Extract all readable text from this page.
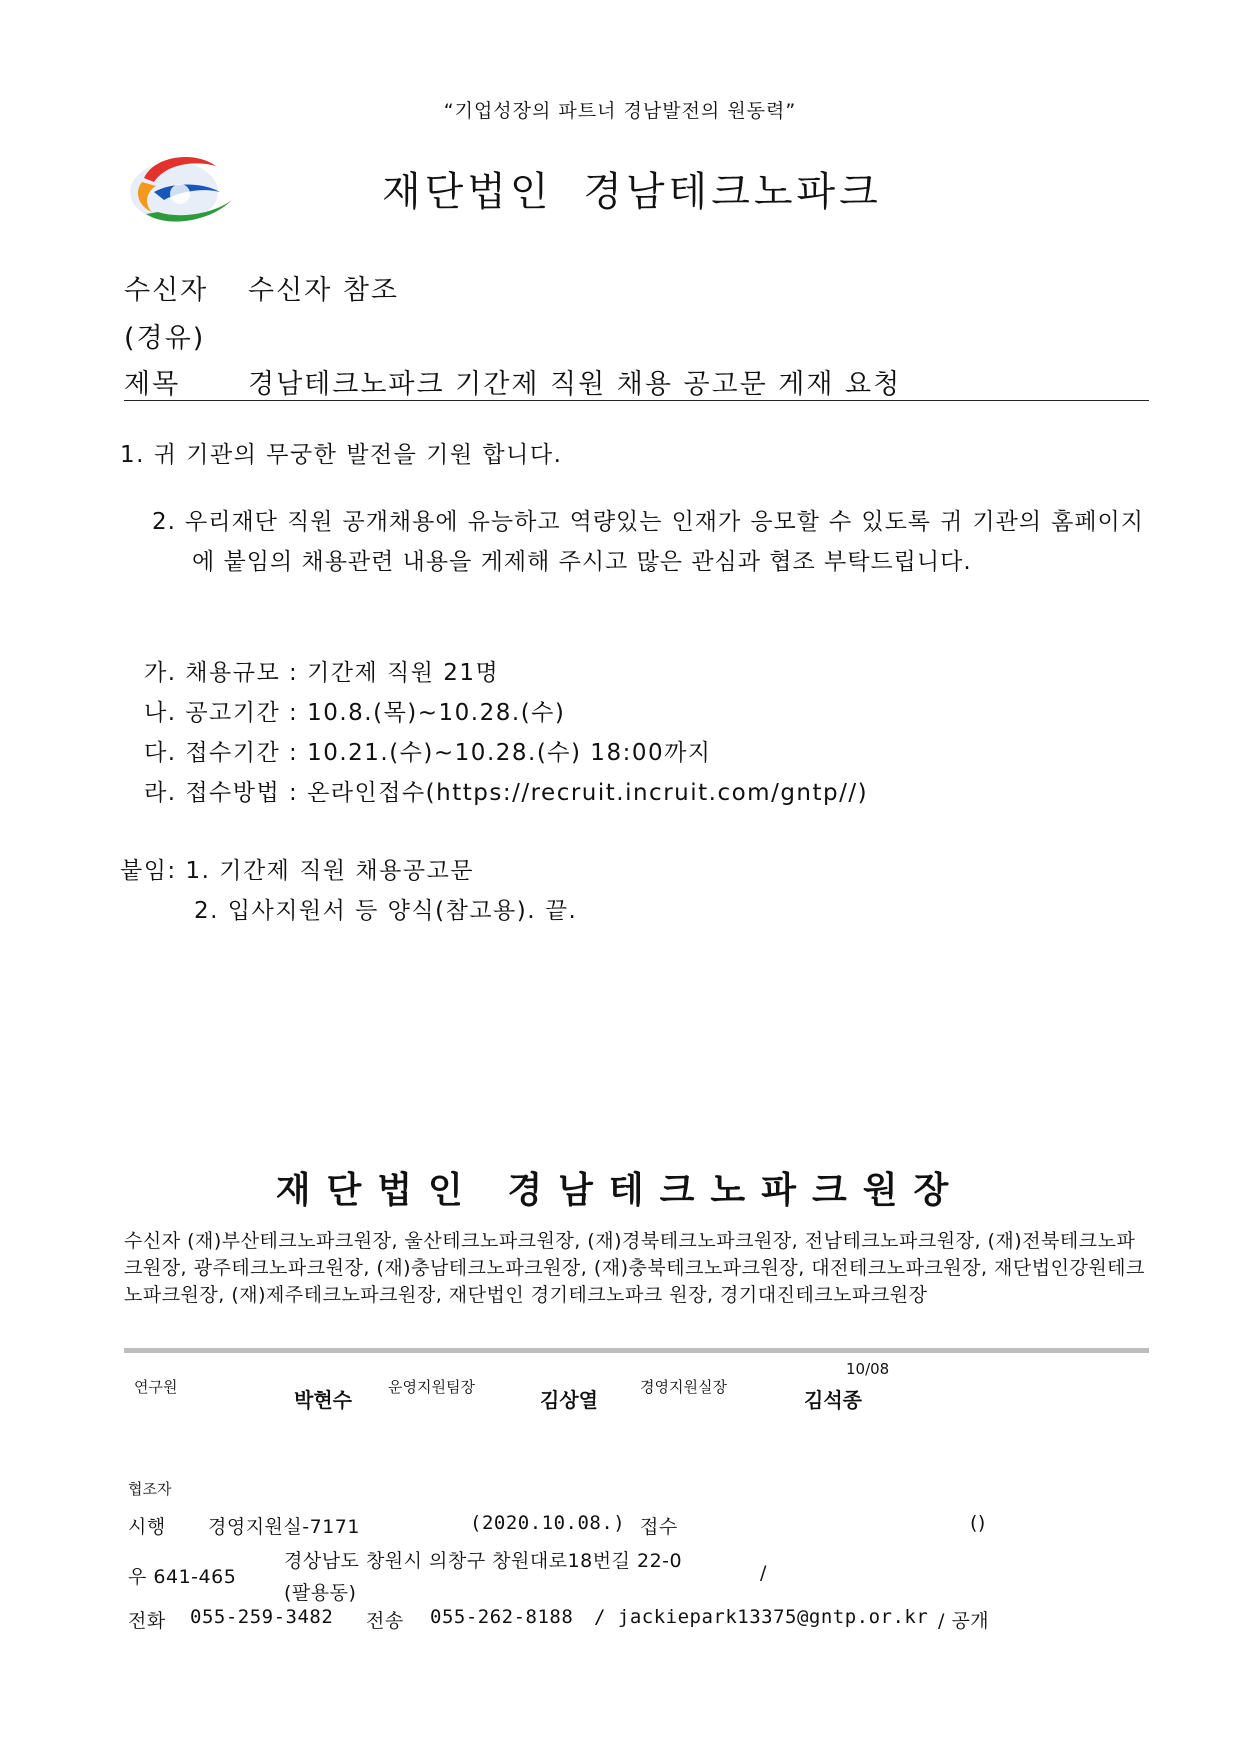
“기업성장의 파트너 경남발전의 원동력”
재단법인 경남테크노파크
수신자 수신자 참조
(경유)
제목	경남테크노파크 기간제 직원 채용 공고문 게재 요청
1. 귀 기관의 무궁한 발전을 기원 합니다.
2. 우리재단 직원 공개채용에 유능하고 역량있는 인재가 응모할 수 있도록 귀 기관의 홈페이지에 붙임의 채용관련 내용을 게제해 주시고 많은 관심과 협조 부탁드립니다.
가. 채용규모 : 기간제 직원 21명
나. 공고기간 : 10.8.(목)~10.28.(수)
다. 접수기간 : 10.21.(수)~10.28.(수) 18:00까지
라. 접수방법 : 온라인접수(https://recruit.incruit.com/gntp//)
붙임: 1. 기간제 직원 채용공고문
2. 입사지원서 등 양식(참고용). 끝.
재단법인 경남테크노파크원장
수신자 (재)부산테크노파크원장, 울산테크노파크원장, (재)경북테크노파크원장, 전남테크노파크원장, (재)전북테크노파크원장, 광주테크노파크원장, (재)충남테크노파크원장, (재)충북테크노파크원장, 대전테크노파크원장, 재단법인강원테크노파크원장, (재)제주테크노파크원장, 재단법인 경기테크노파크 원장, 경기대진테크노파크원장
10/08
연구원
박현수
운영지원팀장
김상열
경영지원실장
김석종
협조자
시행 경영지원실-7171	(2020.10.08.) 접수	()
경상남도 창원시 의창구 창원대로18번길 22-0
우 641-465	/
(팔용동)
전화 055-259-3482 전송 055-262-8188 / jackiepark13375@gntp.or.kr / 공개
